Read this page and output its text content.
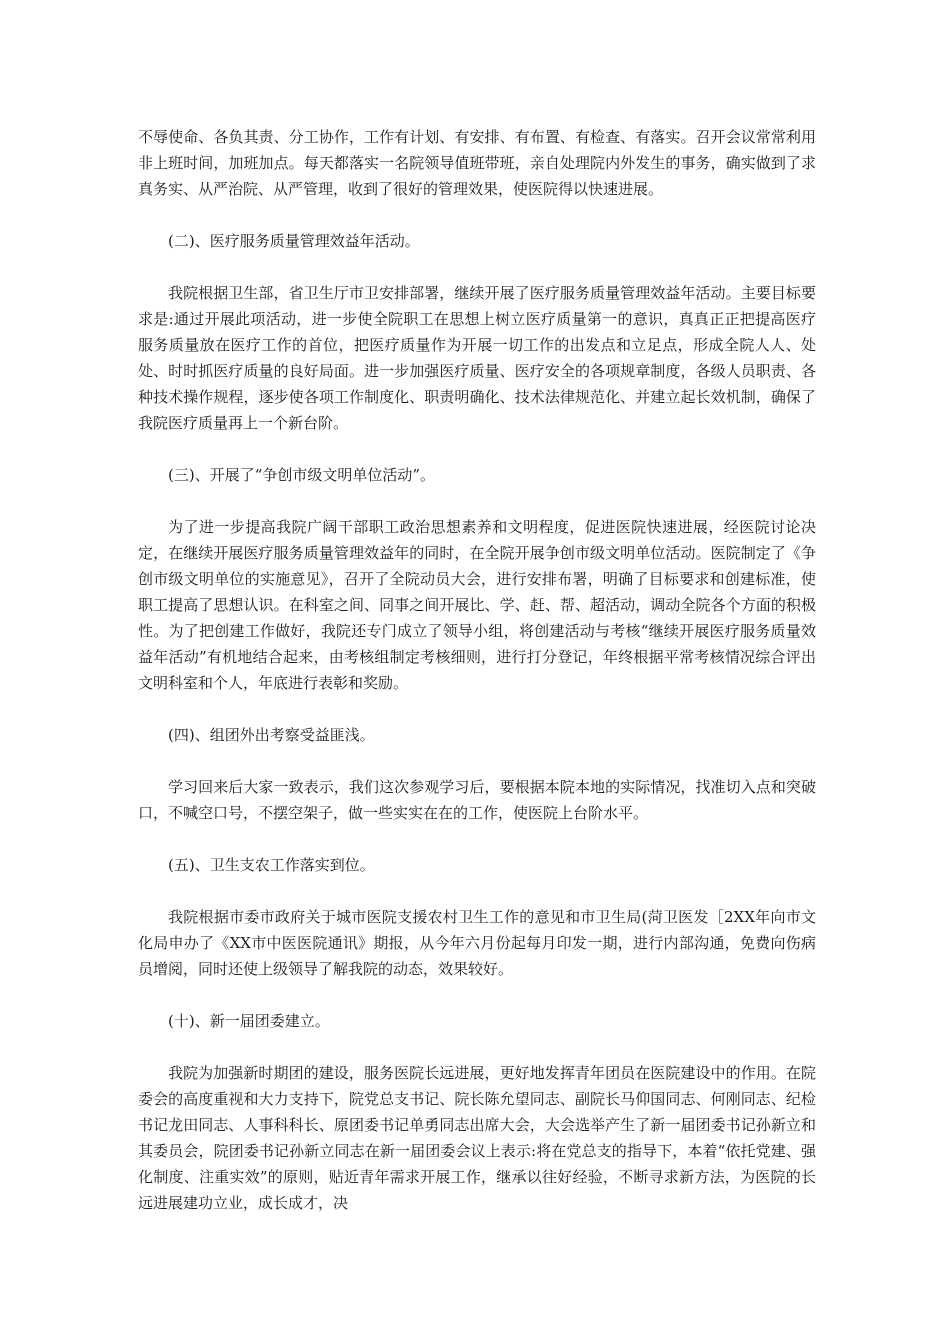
不辱使命、各负其责、分工协作，工作有计划、有安排、有布置、有检查、有落实。召开会议常常利用非上班时间，加班加点。每天都落实一名院领导值班带班，亲自处理院内外发生的事务，确实做到了求真务实、从严治院、从严管理，收到了很好的管理效果，使医院得以快速进展。

(二)、医疗服务质量管理效益年活动。

我院根据卫生部，省卫生厅市卫安排部署，继续开展了医疗服务质量管理效益年活动。主要目标要求是:通过开展此项活动，进一步使全院职工在思想上树立医疗质量第一的意识，真真正正把提高医疗服务质量放在医疗工作的首位，把医疗质量作为开展一切工作的出发点和立足点，形成全院人人、处处、时时抓医疗质量的良好局面。进一步加强医疗质量、医疗安全的各项规章制度，各级人员职责、各种技术操作规程，逐步使各项工作制度化、职责明确化、技术法律规范化、并建立起长效机制，确保了我院医疗质量再上一个新台阶。

(三)、开展了“争创市级文明单位活动”。

为了进一步提高我院广阔干部职工政治思想素养和文明程度，促进医院快速进展，经医院讨论决定，在继续开展医疗服务质量管理效益年的同时，在全院开展争创市级文明单位活动。医院制定了《争创市级文明单位的实施意见》，召开了全院动员大会，进行安排布署，明确了目标要求和创建标准，使职工提高了思想认识。在科室之间、同事之间开展比、学、赶、帮、超活动，调动全院各个方面的积极性。为了把创建工作做好，我院还专门成立了领导小组，将创建活动与考核“继续开展医疗服务质量效益年活动”有机地结合起来，由考核组制定考核细则，进行打分登记，年终根据平常考核情况综合评出文明科室和个人，年底进行表彰和奖励。

(四)、组团外出考察受益匪浅。

学习回来后大家一致表示，我们这次参观学习后，要根据本院本地的实际情况，找准切入点和突破口，不喊空口号，不摆空架子，做一些实实在在的工作，使医院上台阶水平。

(五)、卫生支农工作落实到位。

我院根据市委市政府关于城市医院支援农村卫生工作的意见和市卫生局(菏卫医发［2XX年向市文化局申办了《XX市中医医院通讯》期报，从今年六月份起每月印发一期，进行内部沟通，免费向伤病员增阅，同时还使上级领导了解我院的动态，效果较好。

(十)、新一届团委建立。

我院为加强新时期团的建设，服务医院长远进展，更好地发挥青年团员在医院建设中的作用。在院委会的高度重视和大力支持下，院党总支书记、院长陈允望同志、副院长马仰国同志、何刚同志、纪检书记龙田同志、人事科科长、原团委书记单勇同志出席大会，大会选举产生了新一届团委书记孙新立和其委员会，院团委书记孙新立同志在新一届团委会议上表示:将在党总支的指导下，本着“依托党建、强化制度、注重实效”的原则，贴近青年需求开展工作，继承以往好经验，不断寻求新方法，为医院的长远进展建功立业，成长成才，决
